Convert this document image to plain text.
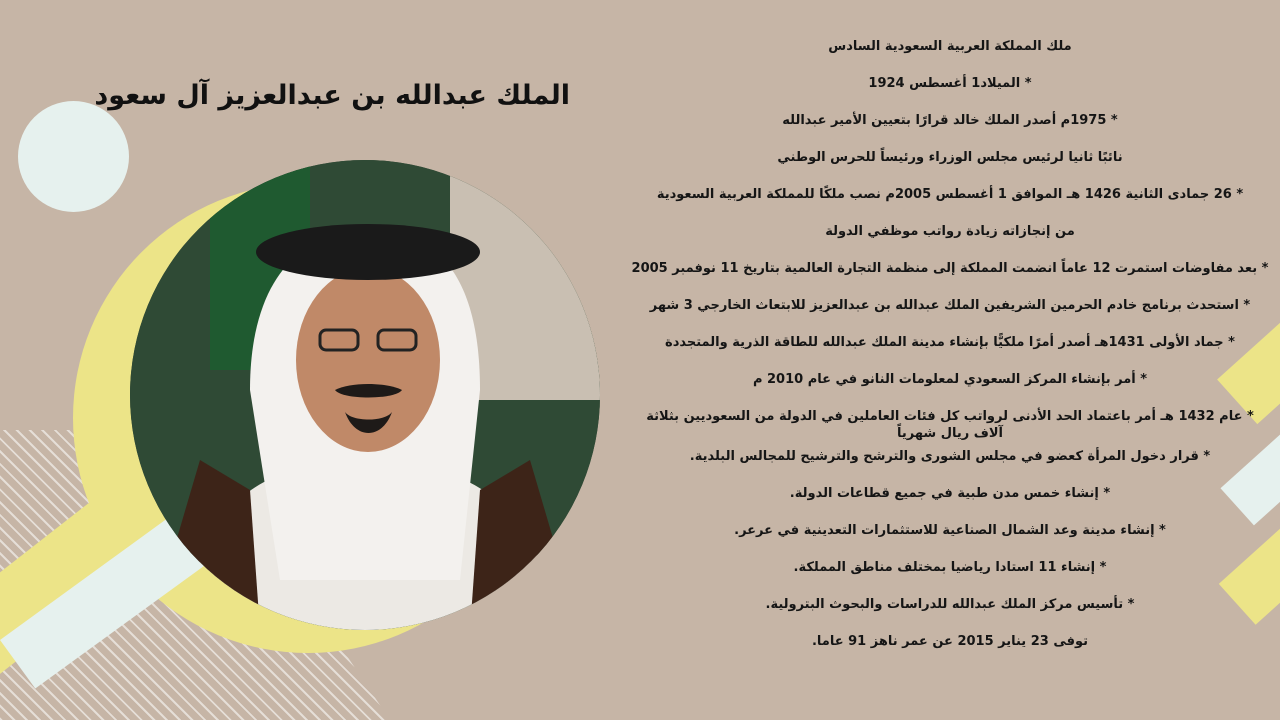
الملك عبدالله بن عبدالعزيز آل سعود
ملك المملكة العربية السعودية السادس
* الميلاد1 أغسطس 1924
* 1975م أصدر الملك خالد قرارًا بتعيين الأمير عبدالله
نائبًا ثانيا لرئيس مجلس الوزراء ورئيساً للحرس الوطني
* 26 جمادى الثانية 1426 هـ الموافق 1 أغسطس 2005م نصب ملكًا للمملكة العربية السعودية
من إنجازاته زيادة رواتب موظفي الدولة
* بعد مفاوضات استمرت 12 عاماً انضمت المملكة إلى منظمة التجارة العالمية بتاريخ 11 نوفمبر 2005
* استحدث برنامج خادم الحرمين الشريفين الملك عبدالله بن عبدالعزيز للابتعاث الخارجي 3 شهر
* جماد الأولى 1431هـ أصدر أمرًا ملكيًّا بإنشاء مدينة الملك عبدالله للطاقة الذرية والمتجددة
* أمر بإنشاء المركز السعودي لمعلومات النانو في عام 2010 م
* عام 1432 هـ أمر باعتماد الحد الأدنى لرواتب كل فئات العاملين في الدولة من السعوديين بثلاثة آلاف ريال شهرياً
* قرار دخول المرأة كعضو في مجلس الشورى والترشح والترشيح للمجالس البلدية.
* إنشاء خمس مدن طبية في جميع قطاعات الدولة.
* إنشاء مدينة وعد الشمال الصناعية للاستثمارات التعدينية في عرعر.
* إنشاء 11 استادا رياضيا بمختلف مناطق المملكة.
* تأسيس مركز الملك عبدالله للدراسات والبحوث البترولية.
توفى 23 يناير 2015 عن عمر ناهز 91 عاما.
